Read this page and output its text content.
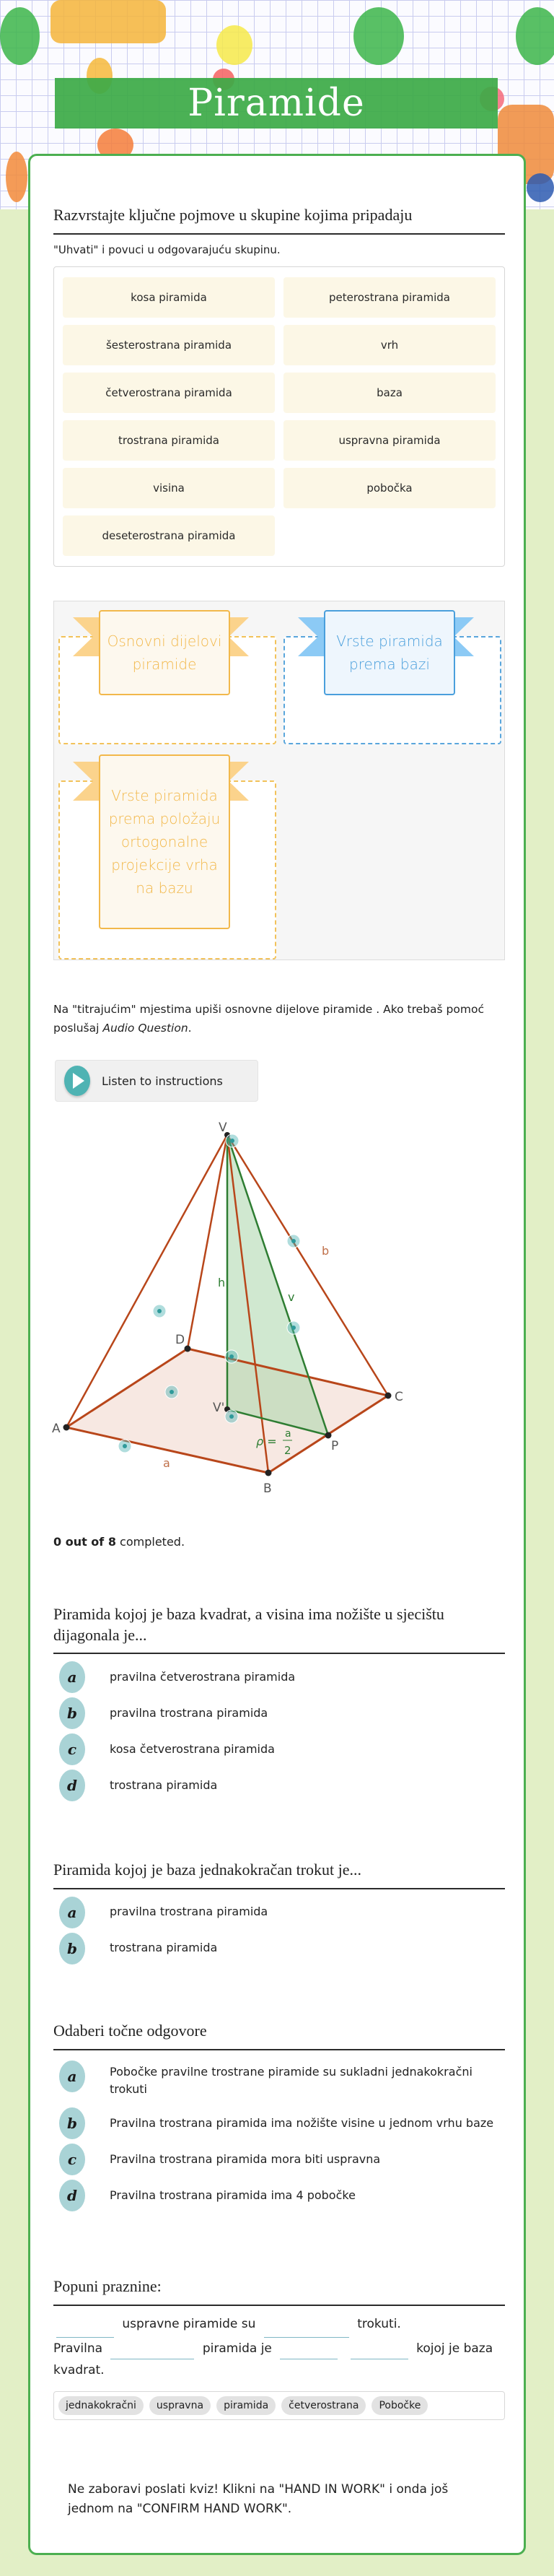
Piramide
Razvrstajte ključne pojmove u skupine kojima pripadaju
"Uhvati" i povuci u odgovarajuću skupinu.
kosa piramida	peterostrana piramida
šesterostrana piramida	vrh
četverostrana piramida	baza
trostrana piramida	uspravna piramida
visina	pobočka
deseterostrana piramida
Osnovni dijelovi piramide
Vrste piramida prema bazi
Vrste piramida prema položaju ortogonalne projekcije vrha na bazu
Na "titrajućim" mjestima upiši osnovne dijelove piramide . Ako trebaš pomoć poslušaj Audio Question.
Listen to instructions
V
A
B
C
D
V'
P
h
v
ρ =
a
2
b
a
0 out of 8 completed.
Piramida kojoj je baza kvadrat, a visina ima nožište u sjecištu dijagonala je...
a	pravilna četverostrana piramida
b	pravilna trostrana piramida
c	kosa četverostrana piramida
d	trostrana piramida
Piramida kojoj je baza jednakokračan trokut je...
a	pravilna trostrana piramida
b	trostrana piramida
Odaberi točne odgovore
a	Pobočke pravilne trostrane piramide su sukladni jednakokračni trokuti
b	Pravilna trostrana piramida ima nožište visine u jednom vrhu baze
c	Pravilna trostrana piramida mora biti uspravna
d	Pravilna trostrana piramida ima 4 pobočke
Popuni praznine:
uspravne piramide su	trokuti.
Pravilna	piramida je	kojoj je baza kvadrat.
jednakokračni	uspravna	piramida	četverostrana	Pobočke
Ne zaboravi poslati kviz! Klikni na "HAND IN WORK" i onda još jednom na "CONFIRM HAND WORK".
